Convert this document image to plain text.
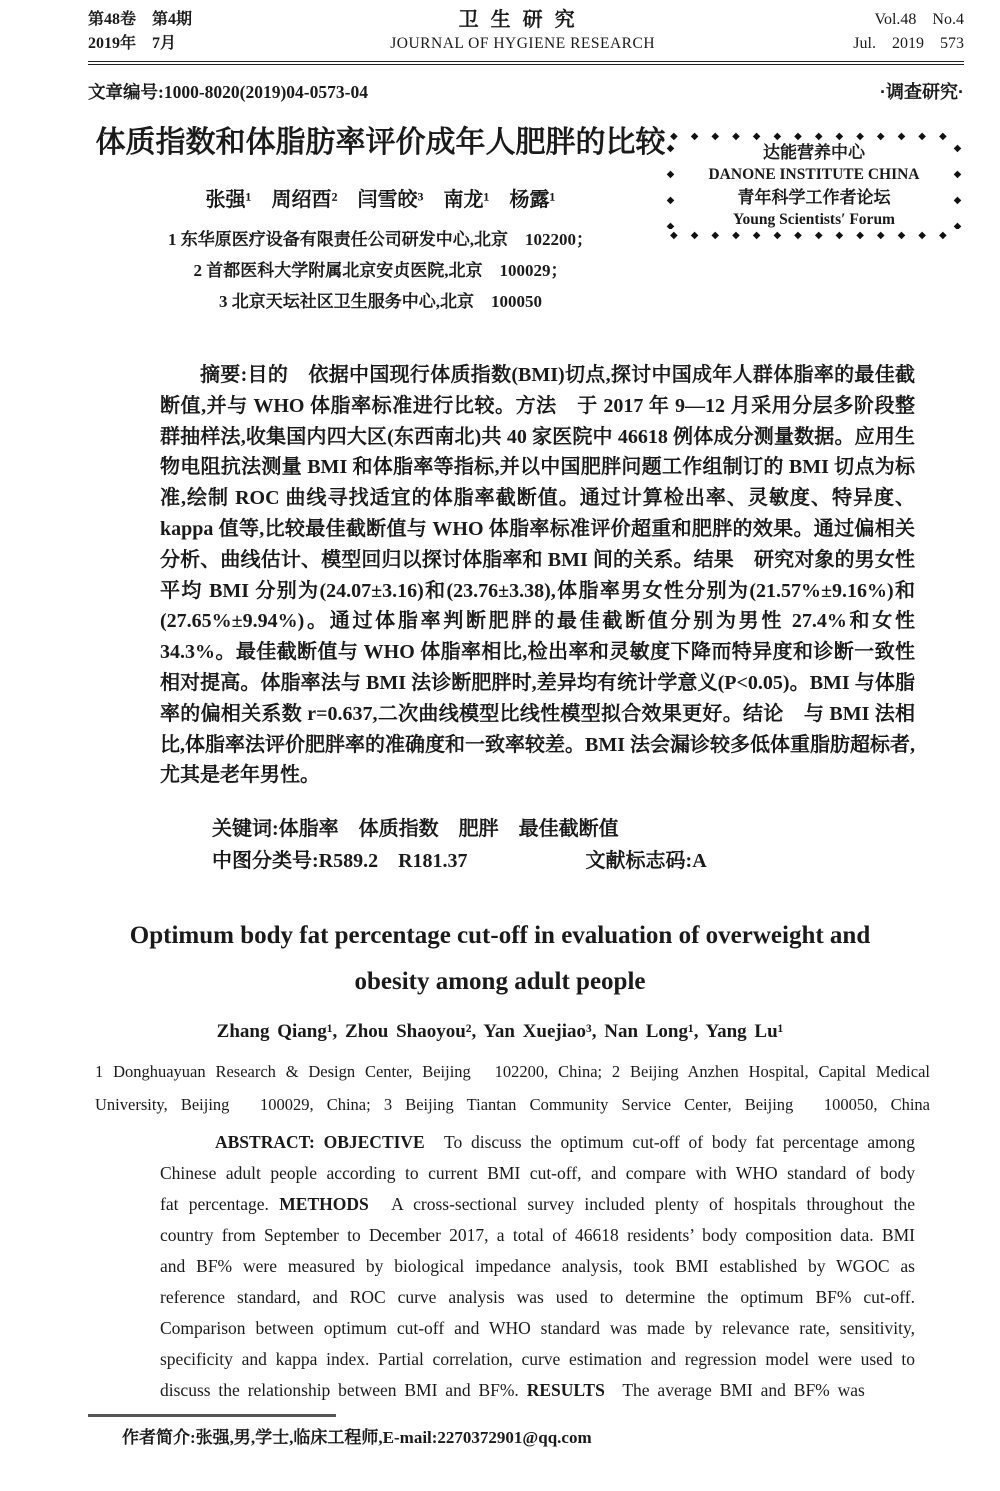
第48卷　第4期
2019年　7月
卫生研究
JOURNAL OF HYGIENE RESEARCH
Vol.48　No.4
Jul.　2019　573
文章编号:1000-8020(2019)04-0573-04	·调查研究·
体质指数和体脂肪率评价成年人肥胖的比较
张强¹　周绍酉²　闫雪皎³　南龙¹　杨露¹
1 东华原医疗设备有限责任公司研发中心,北京　102200；
2 首都医科大学附属北京安贞医院,北京　100029；
3 北京天坛社区卫生服务中心,北京　100050
◆◆◆◆◆◆◆◆◆◆◆◆◆◆◆
◆◆◆◆◆◆◆◆◆◆◆◆◆◆◆
◆◆◆◆
◆◆◆◆
达能营养中心
DANONE INSTITUTE CHINA
青年科学工作者论坛
Young Scientists′ Forum

摘要:目的　依据中国现行体质指数(BMI)切点,探讨中国成年人群体脂率的最佳截断值,并与 WHO 体脂率标准进行比较。方法　于 2017 年 9—12 月采用分层多阶段整群抽样法,收集国内四大区(东西南北)共 40 家医院中 46618 例体成分测量数据。应用生物电阻抗法测量 BMI 和体脂率等指标,并以中国肥胖问题工作组制订的 BMI 切点为标准,绘制 ROC 曲线寻找适宜的体脂率截断值。通过计算检出率、灵敏度、特异度、kappa 值等,比较最佳截断值与 WHO 体脂率标准评价超重和肥胖的效果。通过偏相关分析、曲线估计、模型回归以探讨体脂率和 BMI 间的关系。结果　研究对象的男女性平均 BMI 分别为(24.07±3.16)和(23.76±3.38),体脂率男女性分别为(21.57%±9.16%)和(27.65%±9.94%)。通过体脂率判断肥胖的最佳截断值分别为男性 27.4%和女性 34.3%。最佳截断值与 WHO 体脂率相比,检出率和灵敏度下降而特异度和诊断一致性相对提高。体脂率法与 BMI 法诊断肥胖时,差异均有统计学意义(P<0.05)。BMI 与体脂率的偏相关系数 r=0.637,二次曲线模型比线性模型拟合效果更好。结论　与 BMI 法相比,体脂率法评价肥胖率的准确度和一致率较差。BMI 法会漏诊较多低体重脂肪超标者,尤其是老年男性。

关键词:体脂率　体质指数　肥胖　最佳截断值
中图分类号:R589.2　R181.37	文献标志码:A
Optimum body fat percentage cut-off in evaluation of overweight and obesity among adult people
Zhang Qiang¹, Zhou Shaoyou², Yan Xuejiao³, Nan Long¹, Yang Lu¹

1 Donghuayuan Research & Design Center, Beijing　102200, China; 2 Beijing Anzhen Hospital, Capital Medical University, Beijing　100029, China; 3 Beijing Tiantan Community Service Center, Beijing　100050, China

ABSTRACT: OBJECTIVE　To discuss the optimum cut-off of body fat percentage among Chinese adult people according to current BMI cut-off, and compare with WHO standard of body fat percentage. METHODS　A cross-sectional survey included plenty of hospitals throughout the country from September to December 2017, a total of 46618 residents’ body composition data. BMI and BF% were measured by biological impedance analysis, took BMI established by WGOC as reference standard, and ROC curve analysis was used to determine the optimum BF% cut-off. Comparison between optimum cut-off and WHO standard was made by relevance rate, sensitivity, specificity and kappa index. Partial correlation, curve estimation and regression model were used to discuss the relationship between BMI and BF%. RESULTS　The average BMI and BF% was

作者简介:张强,男,学士,临床工程师,E-mail:2270372901@qq.com
